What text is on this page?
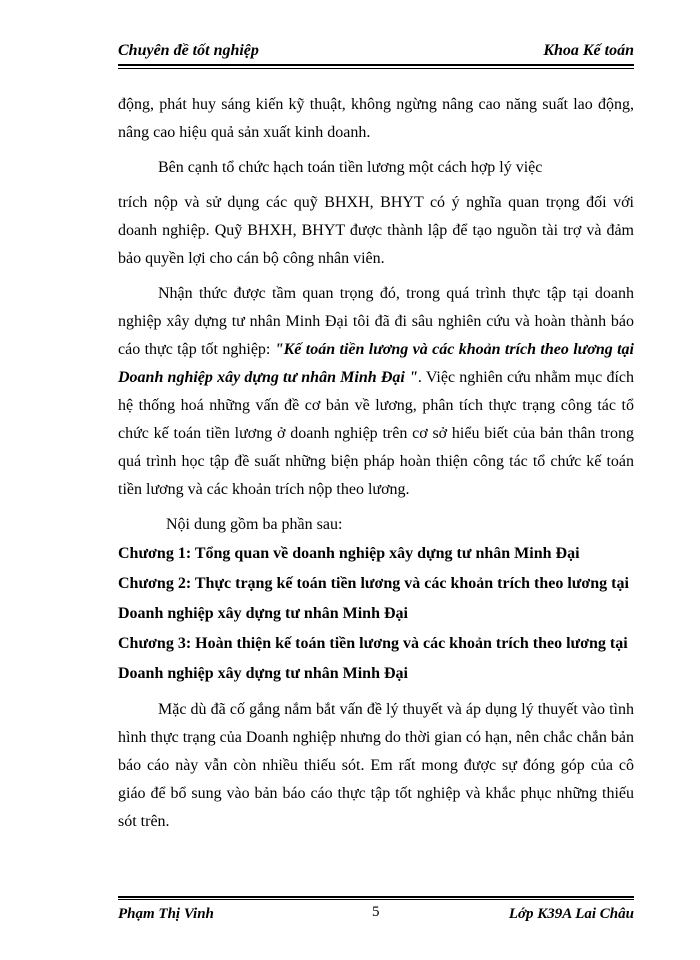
Chuyên đề tốt nghiệp	Khoa Kế toán

động, phát huy sáng kiến kỹ thuật, không ngừng nâng cao năng suất lao động, nâng cao hiệu quả sản xuất kinh doanh.

Bên cạnh tổ chức hạch toán tiền lương một cách hợp lý việc

trích nộp và sử dụng các quỹ BHXH, BHYT có ý nghĩa quan trọng đối với doanh nghiệp. Quỹ BHXH, BHYT được thành lập để tạo nguồn tài trợ và đảm bảo quyền lợi cho cán bộ công nhân viên.

Nhận thức được tầm quan trọng đó, trong quá trình thực tập tại doanh nghiệp xây dựng tư nhân Minh Đại tôi đã đi sâu nghiên cứu và hoàn thành báo cáo thực tập tốt nghiệp: "Kế toán tiền lương và các khoản trích theo lương tại Doanh nghiệp xây dựng tư nhân Minh Đại ". Việc nghiên cứu nhằm mục đích hệ thống hoá những vấn đề cơ bản về lương, phân tích thực trạng công tác tổ chức kế toán tiền lương ở doanh nghiệp trên cơ sở hiểu biết của bản thân trong quá trình học tập đề suất những biện pháp hoàn thiện công tác tổ chức kế toán tiền lương và các khoản trích nộp theo lương.

Nội dung gồm ba phần sau:

Chương 1: Tổng quan về doanh nghiệp xây dựng tư nhân Minh Đại

Chương 2: Thực trạng kế toán tiền lương và các khoản trích theo lương tại Doanh nghiệp xây dựng tư nhân Minh Đại

Chương 3: Hoàn thiện kế toán tiền lương và các khoản trích theo lương tại Doanh nghiệp xây dựng tư nhân Minh Đại

Mặc dù đã cố gắng nắm bắt vấn đề lý thuyết và áp dụng lý thuyết vào tình hình thực trạng của Doanh nghiệp nhưng do thời gian có hạn, nên chắc chắn bản báo cáo này vẫn còn nhiều thiếu sót. Em rất mong được sự đóng góp của cô giáo để bổ sung vào bản báo cáo thực tập tốt nghiệp và khắc phục những thiếu sót trên.

Phạm Thị Vinh	5	Lớp K39A Lai Châu
